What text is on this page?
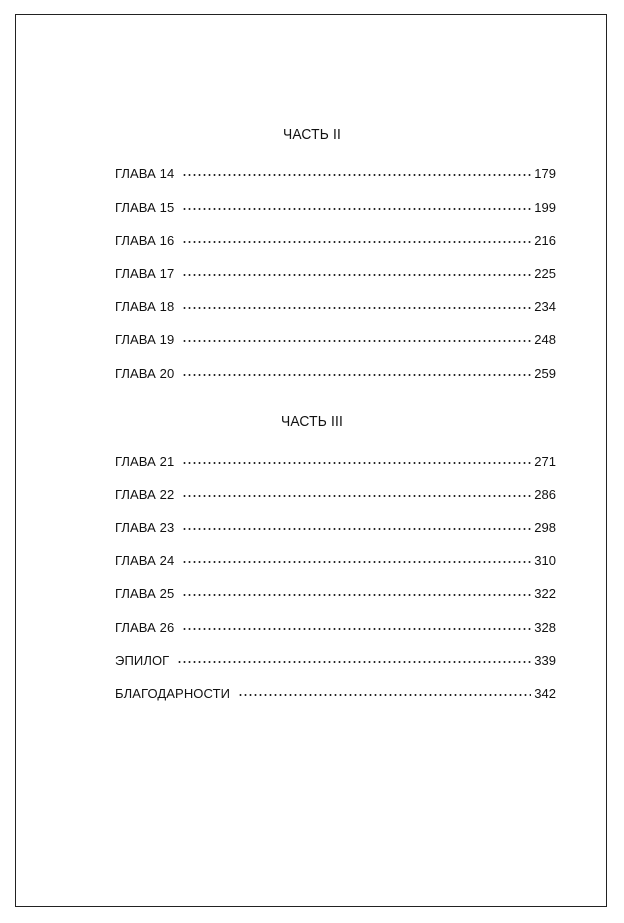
ЧАСТЬ II
ГЛАВА 14	179
ГЛАВА 15	199
ГЛАВА 16	216
ГЛАВА 17	225
ГЛАВА 18	234
ГЛАВА 19	248
ГЛАВА 20	259
ЧАСТЬ III
ГЛАВА 21	271
ГЛАВА 22	286
ГЛАВА 23	298
ГЛАВА 24	310
ГЛАВА 25	322
ГЛАВА 26	328
ЭПИЛОГ	339
БЛАГОДАРНОСТИ	342
